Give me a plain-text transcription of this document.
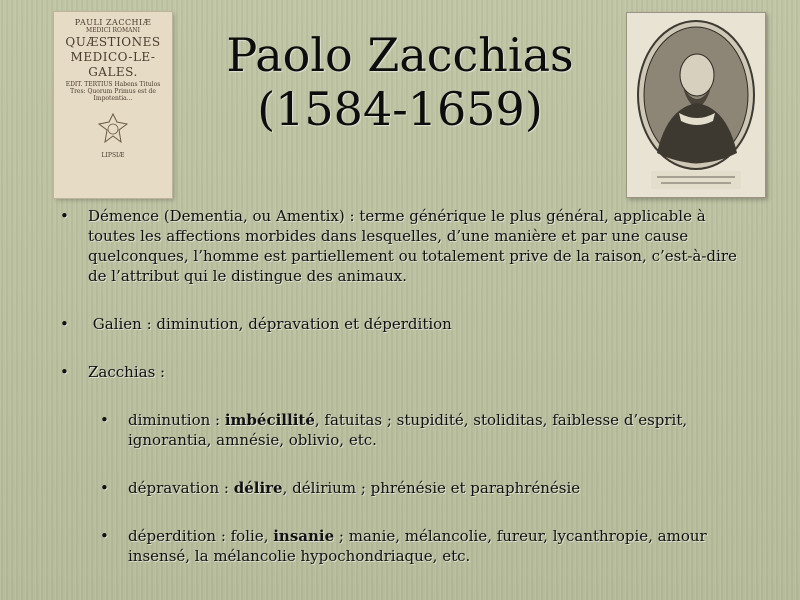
PAULI ZACCHIÆ
MEDICI ROMANI
QUÆSTIONES
MEDICO-LE-
GALES.
EDIT. TERTIUS Habens Titulos Tres: Quorum Primus est de Impotentia...
LIPSIÆ
Paolo Zacchias
(1584-1659)
• Démence (Dementia, ou Amentix) : terme générique le plus général, applicable à toutes les affections morbides dans lesquelles, d’une manière et par une cause quelconques, l’homme est partiellement ou totalement prive de la raison, c’est-à-dire de l’attribut qui le distingue des animaux.
• Galien : diminution, dépravation et déperdition
• Zacchias :
• diminution : imbécillité, fatuitas ; stupidité, stoliditas, faiblesse d’esprit, ignorantia, amnésie, oblivio, etc.
• dépravation : délire, délirium ; phrénésie et paraphrénésie
• déperdition : folie, insanie ; manie, mélancolie, fureur, lycanthropie, amour insensé, la mélancolie hypochondriaque, etc.
